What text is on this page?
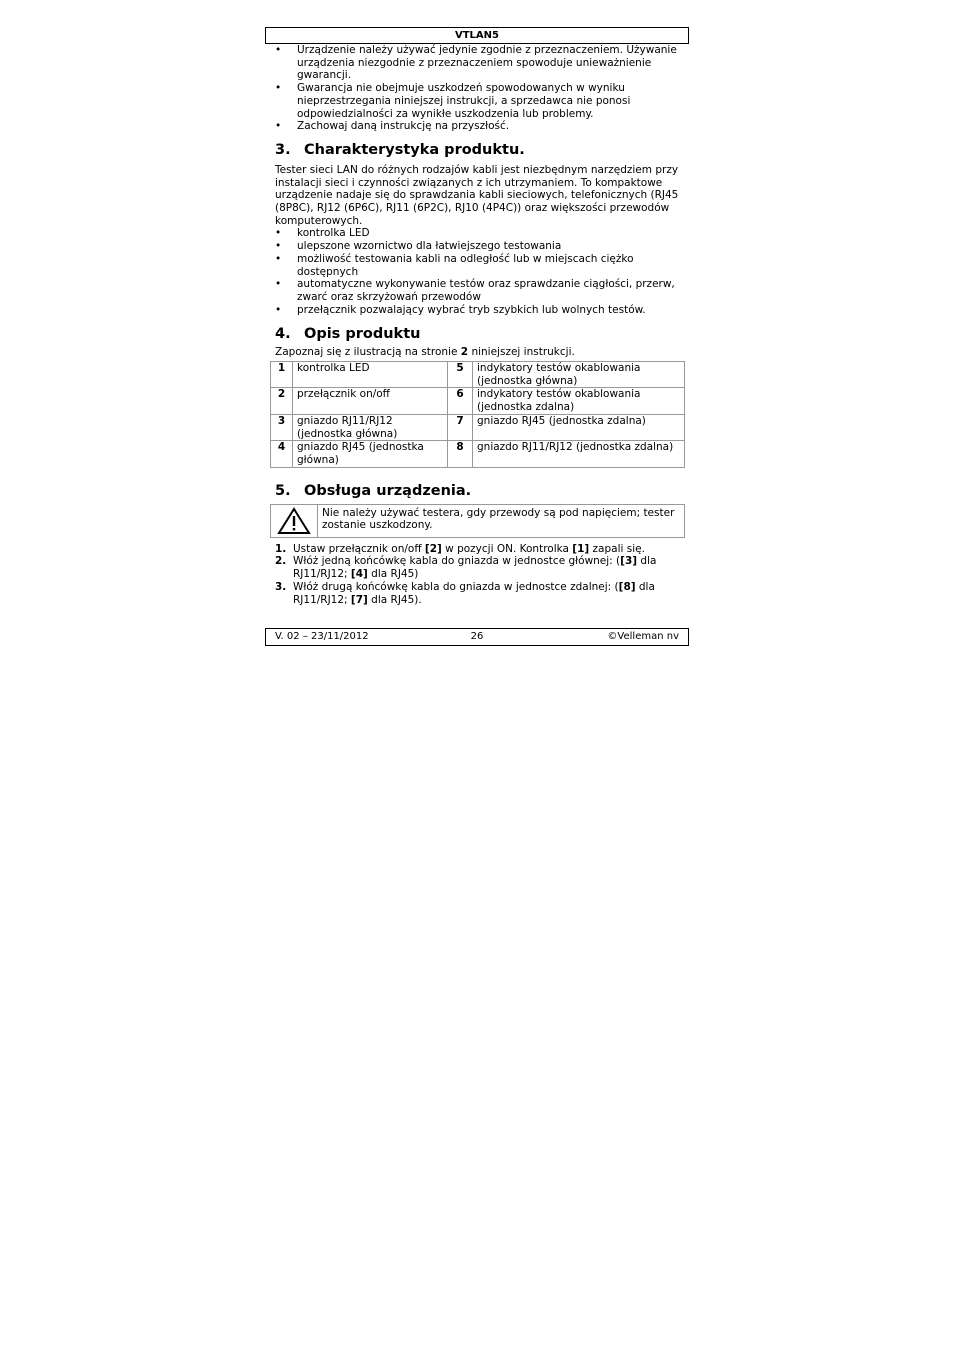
VTLAN5
•	Urządzenie należy używać jedynie zgodnie z przeznaczeniem. Używanie urządzenia niezgodnie z przeznaczeniem spowoduje unieważnienie gwarancji.
•	Gwarancja nie obejmuje uszkodzeń spowodowanych w wyniku nieprzestrzegania niniejszej instrukcji, a sprzedawca nie ponosi odpowiedzialności za wynikłe uszkodzenia lub problemy.
•	Zachowaj daną instrukcję na przyszłość.
3. Charakterystyka produktu.

Tester sieci LAN do różnych rodzajów kabli jest niezbędnym narzędziem przy instalacji sieci i czynności związanych z ich utrzymaniem. To kompaktowe urządzenie nadaje się do sprawdzania kabli sieciowych, telefonicznych (RJ45 (8P8C), RJ12 (6P6C), RJ11 (6P2C), RJ10 (4P4C)) oraz większości przewodów komputerowych.

•	kontrolka LED
•	ulepszone wzornictwo dla łatwiejszego testowania
•	możliwość testowania kabli na odległość lub w miejscach ciężko dostępnych
•	automatyczne wykonywanie testów oraz sprawdzanie ciągłości, przerw, zwarć oraz skrzyżowań przewodów
•	przełącznik pozwalający wybrać tryb szybkich lub wolnych testów.
4. Opis produktu

Zapoznaj się z ilustracją na stronie 2 niniejszej instrukcji.

1	kontrolka LED	5	indykatory testów okablowania (jednostka główna)
2	przełącznik on/off	6	indykatory testów okablowania (jednostka zdalna)
3	gniazdo RJ11/RJ12 (jednostka główna)	7	gniazdo RJ45 (jednostka zdalna)
4	gniazdo RJ45 (jednostka główna)	8	gniazdo RJ11/RJ12 (jednostka zdalna)
5. Obsługa urządzenia.
Nie należy używać testera, gdy przewody są pod napięciem; tester zostanie uszkodzony.
1. Ustaw przełącznik on/off [2] w pozycji ON. Kontrolka [1] zapali się.
2. Włóż jedną końcówkę kabla do gniazda w jednostce głównej: ([3] dla RJ11/RJ12; [4] dla RJ45)
3. Włóż drugą końcówkę kabla do gniazda w jednostce zdalnej: ([8] dla RJ11/RJ12; [7] dla RJ45).
V. 02 – 23/11/2012	26	©Velleman nv
